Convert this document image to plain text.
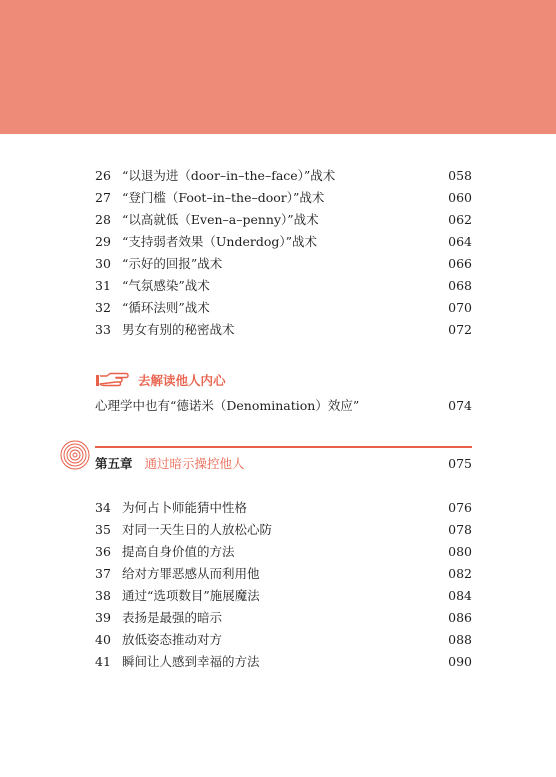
26 “以退为进（door–in–the–face）”战术	058
27 “登门槛（Foot–in–the–door）”战术	060
28 “以高就低（Even–a–penny）”战术	062
29 “支持弱者效果（Underdog）”战术	064
30 “示好的回报”战术	066
31 “气氛感染”战术	068
32 “循环法则”战术	070
33 男女有别的秘密战术	072
去解读他人内心
心理学中也有“德诺米（Denomination）效应”	074
第五章 通过暗示操控他人	075
34 为何占卜师能猜中性格	076
35 对同一天生日的人放松心防	078
36 提高自身价值的方法	080
37 给对方罪恶感从而利用他	082
38 通过“选项数目”施展魔法	084
39 表扬是最强的暗示	086
40 放低姿态推动对方	088
41 瞬间让人感到幸福的方法	090
